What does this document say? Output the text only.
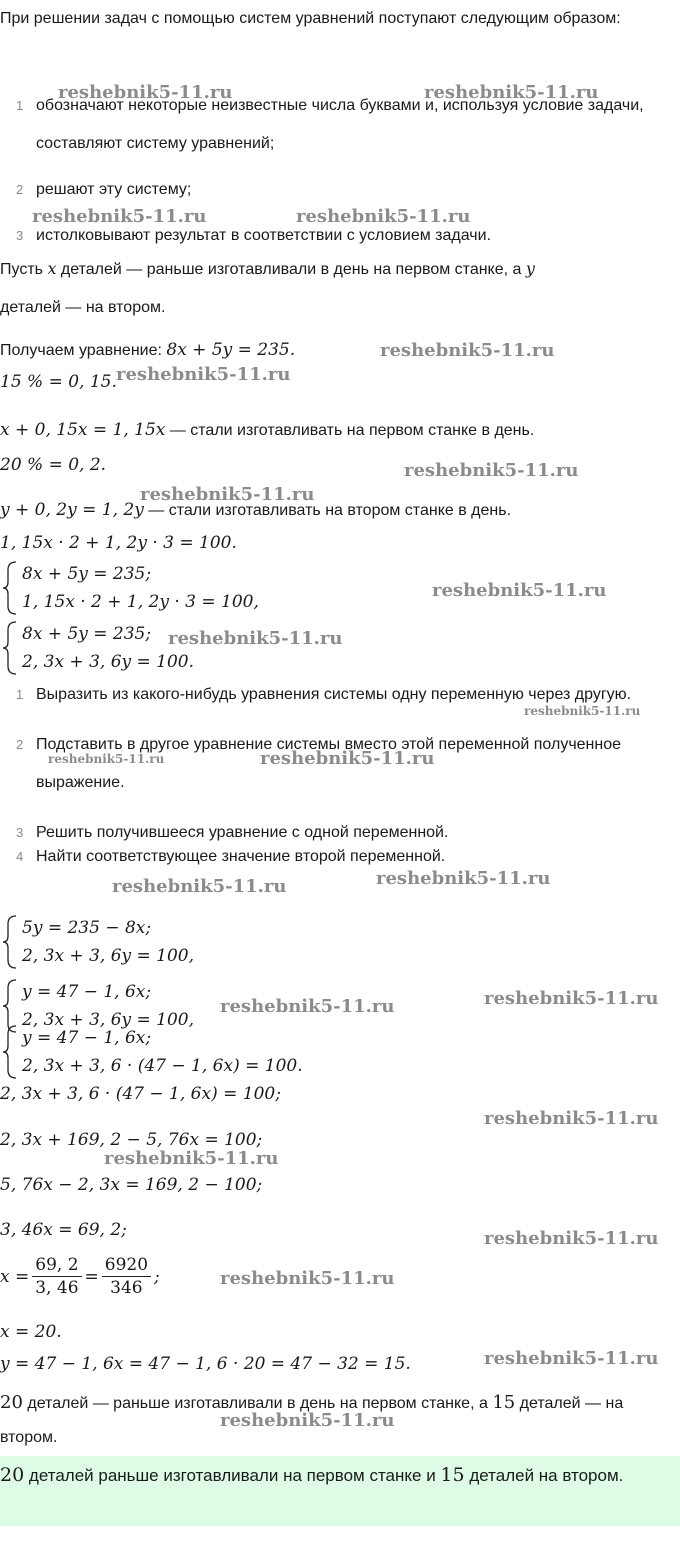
При решении задач с помощью систем уравнений поступают следующим образом:

1 обозначают некоторые неизвестные числа буквами и, используя условие задачи, составляют систему уравнений;
2 решают эту систему;
3 истолковывают результат в соответствии с условием задачи.

Пусть x деталей — раньше изготавливали в день на первом станке, а y
деталей — на втором.

Получаем уравнение: 8x + 5y = 235.
15 % = 0, 15.
x + 0, 15x = 1, 15x — стали изготавливать на первом станке в день.
20 % = 0, 2.
y + 0, 2y = 1, 2y — стали изготавливать на втором станке в день.
1, 15x · 2 + 1, 2y · 3 = 100.
8x + 5y = 235;
1, 15x · 2 + 1, 2y · 3 = 100,
8x + 5y = 235;
2, 3x + 3, 6y = 100.
1 Выразить из какого-нибудь уравнения системы одну переменную через другую.
2 Подставить в другое уравнение системы вместо этой переменной полученное выражение.
3 Решить получившееся уравнение с одной переменной.
4 Найти соответствующее значение второй переменной.
5y = 235 − 8x;
2, 3x + 3, 6y = 100,
y = 47 − 1, 6x;
2, 3x + 3, 6y = 100,
y = 47 − 1, 6x;
2, 3x + 3, 6 · (47 − 1, 6x) = 100.
2, 3x + 3, 6 · (47 − 1, 6x) = 100;
2, 3x + 169, 2 − 5, 76x = 100;
5, 76x − 2, 3x = 169, 2 − 100;
3, 46x = 69, 2;
$x = \frac{69, 2}{3, 46} = \frac{6920}{346}$ ;
x = 20.
y = 47 − 1, 6x = 47 − 1, 6 · 20 = 47 − 32 = 15.

20 деталей — раньше изготавливали в день на первом станке, а 15 деталей — на втором.

20 деталей раньше изготавливали на первом станке и 15 деталей на втором.

reshebnik5-11.ru	reshebnik5-11.ru
reshebnik5-11.ru	reshebnik5-11.ru
reshebnik5-11.ru
reshebnik5-11.ru
reshebnik5-11.ru
reshebnik5-11.ru
reshebnik5-11.ru
reshebnik5-11.ru
reshebnik5-11.ru
reshebnik5-11.ru	reshebnik5-11.ru
reshebnik5-11.ru	reshebnik5-11.ru
reshebnik5-11.ru
reshebnik5-11.ru
reshebnik5-11.ru
reshebnik5-11.ru
reshebnik5-11.ru
reshebnik5-11.ru
reshebnik5-11.ru
reshebnik5-11.ru
